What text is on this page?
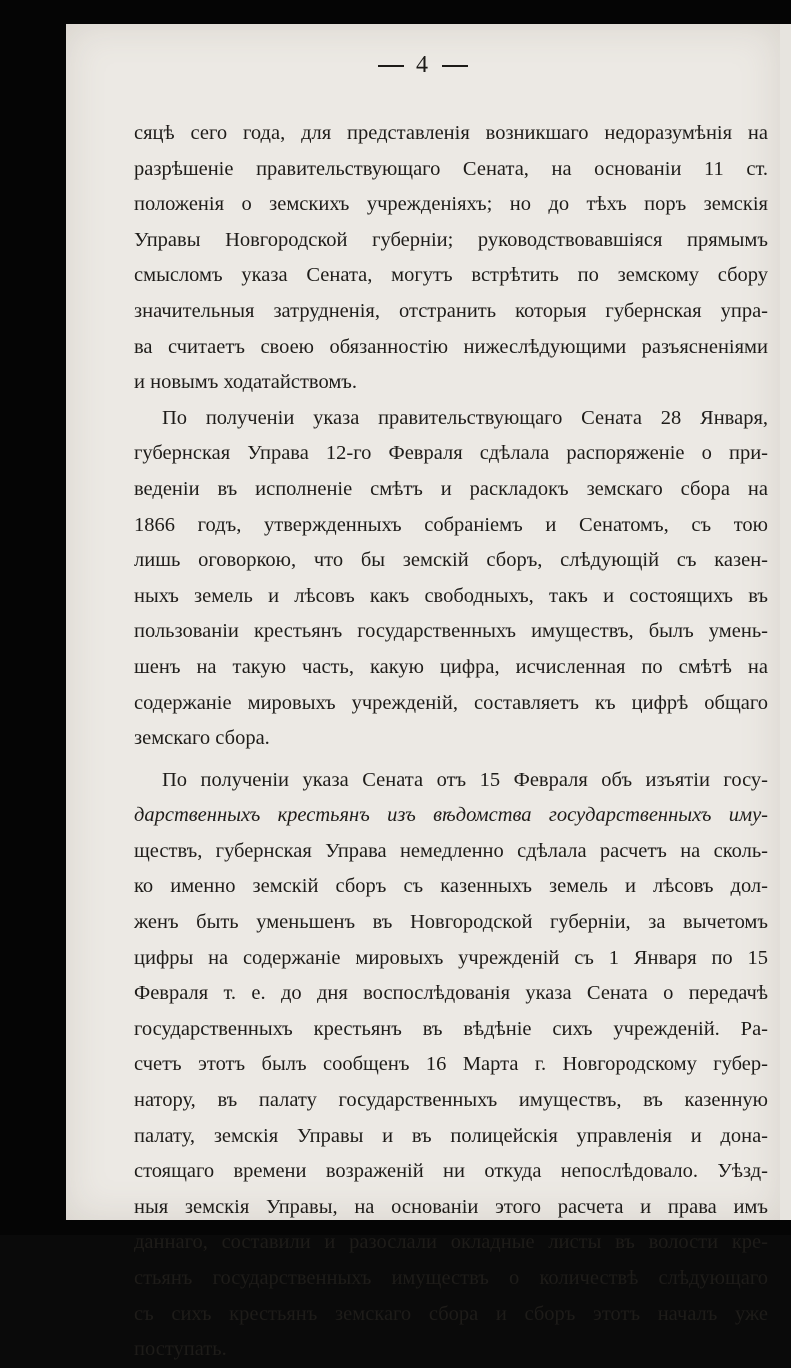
4
сяцѣ сего года, для представленія возникшаго недоразумѣнія на
разрѣшеніе правительствующаго Сената, на основаніи 11 ст.
положенія о земскихъ учрежденіяхъ; но до тѣхъ поръ земскія
Управы Новгородской губерніи; руководствовавшіяся прямымъ
смысломъ указа Сената, могутъ встрѣтить по земскому сбору
значительныя затрудненія, отстранить которыя губернская упра-
ва считаетъ своею обязанностію нижеслѣдующими разъясненіями
и новымъ ходатайствомъ.
По полученіи указа правительствующаго Сената 28 Января,
губернская Управа 12-го Февраля сдѣлала распоряженіе о при-
веденіи въ исполненіе смѣтъ и раскладокъ земскаго сбора на
1866 годъ, утвержденныхъ собраніемъ и Сенатомъ, съ тою
лишь оговоркою, что бы земскій сборъ, слѣдующій съ казен-
ныхъ земель и лѣсовъ какъ свободныхъ, такъ и состоящихъ въ
пользованіи крестьянъ государственныхъ имуществъ, былъ умень-
шенъ на такую часть, какую цифра, исчисленная по смѣтѣ на
содержаніе мировыхъ учрежденій, составляетъ къ цифрѣ общаго
земскаго сбора.
По полученіи указа Сената отъ 15 Февраля объ изъятіи госу-
дарственныхъ крестьянъ изъ вѣдомства государственныхъ иму-
ществъ, губернская Управа немедленно сдѣлала расчетъ на сколь-
ко именно земскій сборъ съ казенныхъ земель и лѣсовъ дол-
женъ быть уменьшенъ въ Новгородской губерніи, за вычетомъ
цифры на содержаніе мировыхъ учрежденій съ 1 Января по 15
Февраля т. е. до дня воспослѣдованія указа Сената о передачѣ
государственныхъ крестьянъ въ вѣдѣніе сихъ учрежденій. Ра-
счетъ этотъ былъ сообщенъ 16 Марта г. Новгородскому губер-
натору, въ палату государственныхъ имуществъ, въ казенную
палату, земскія Управы и въ полицейскія управленія и дона-
стоящаго времени возраженій ни откуда непослѣдовало. Уѣзд-
ныя земскія Управы, на основаніи этого расчета и права имъ
даннаго, составили и разослали окладные листы въ волости кре-
стьянъ государственныхъ имуществъ о количествѣ слѣдующаго
съ сихъ крестьянъ земскаго сбора и сборъ этотъ началъ уже
поступать.
